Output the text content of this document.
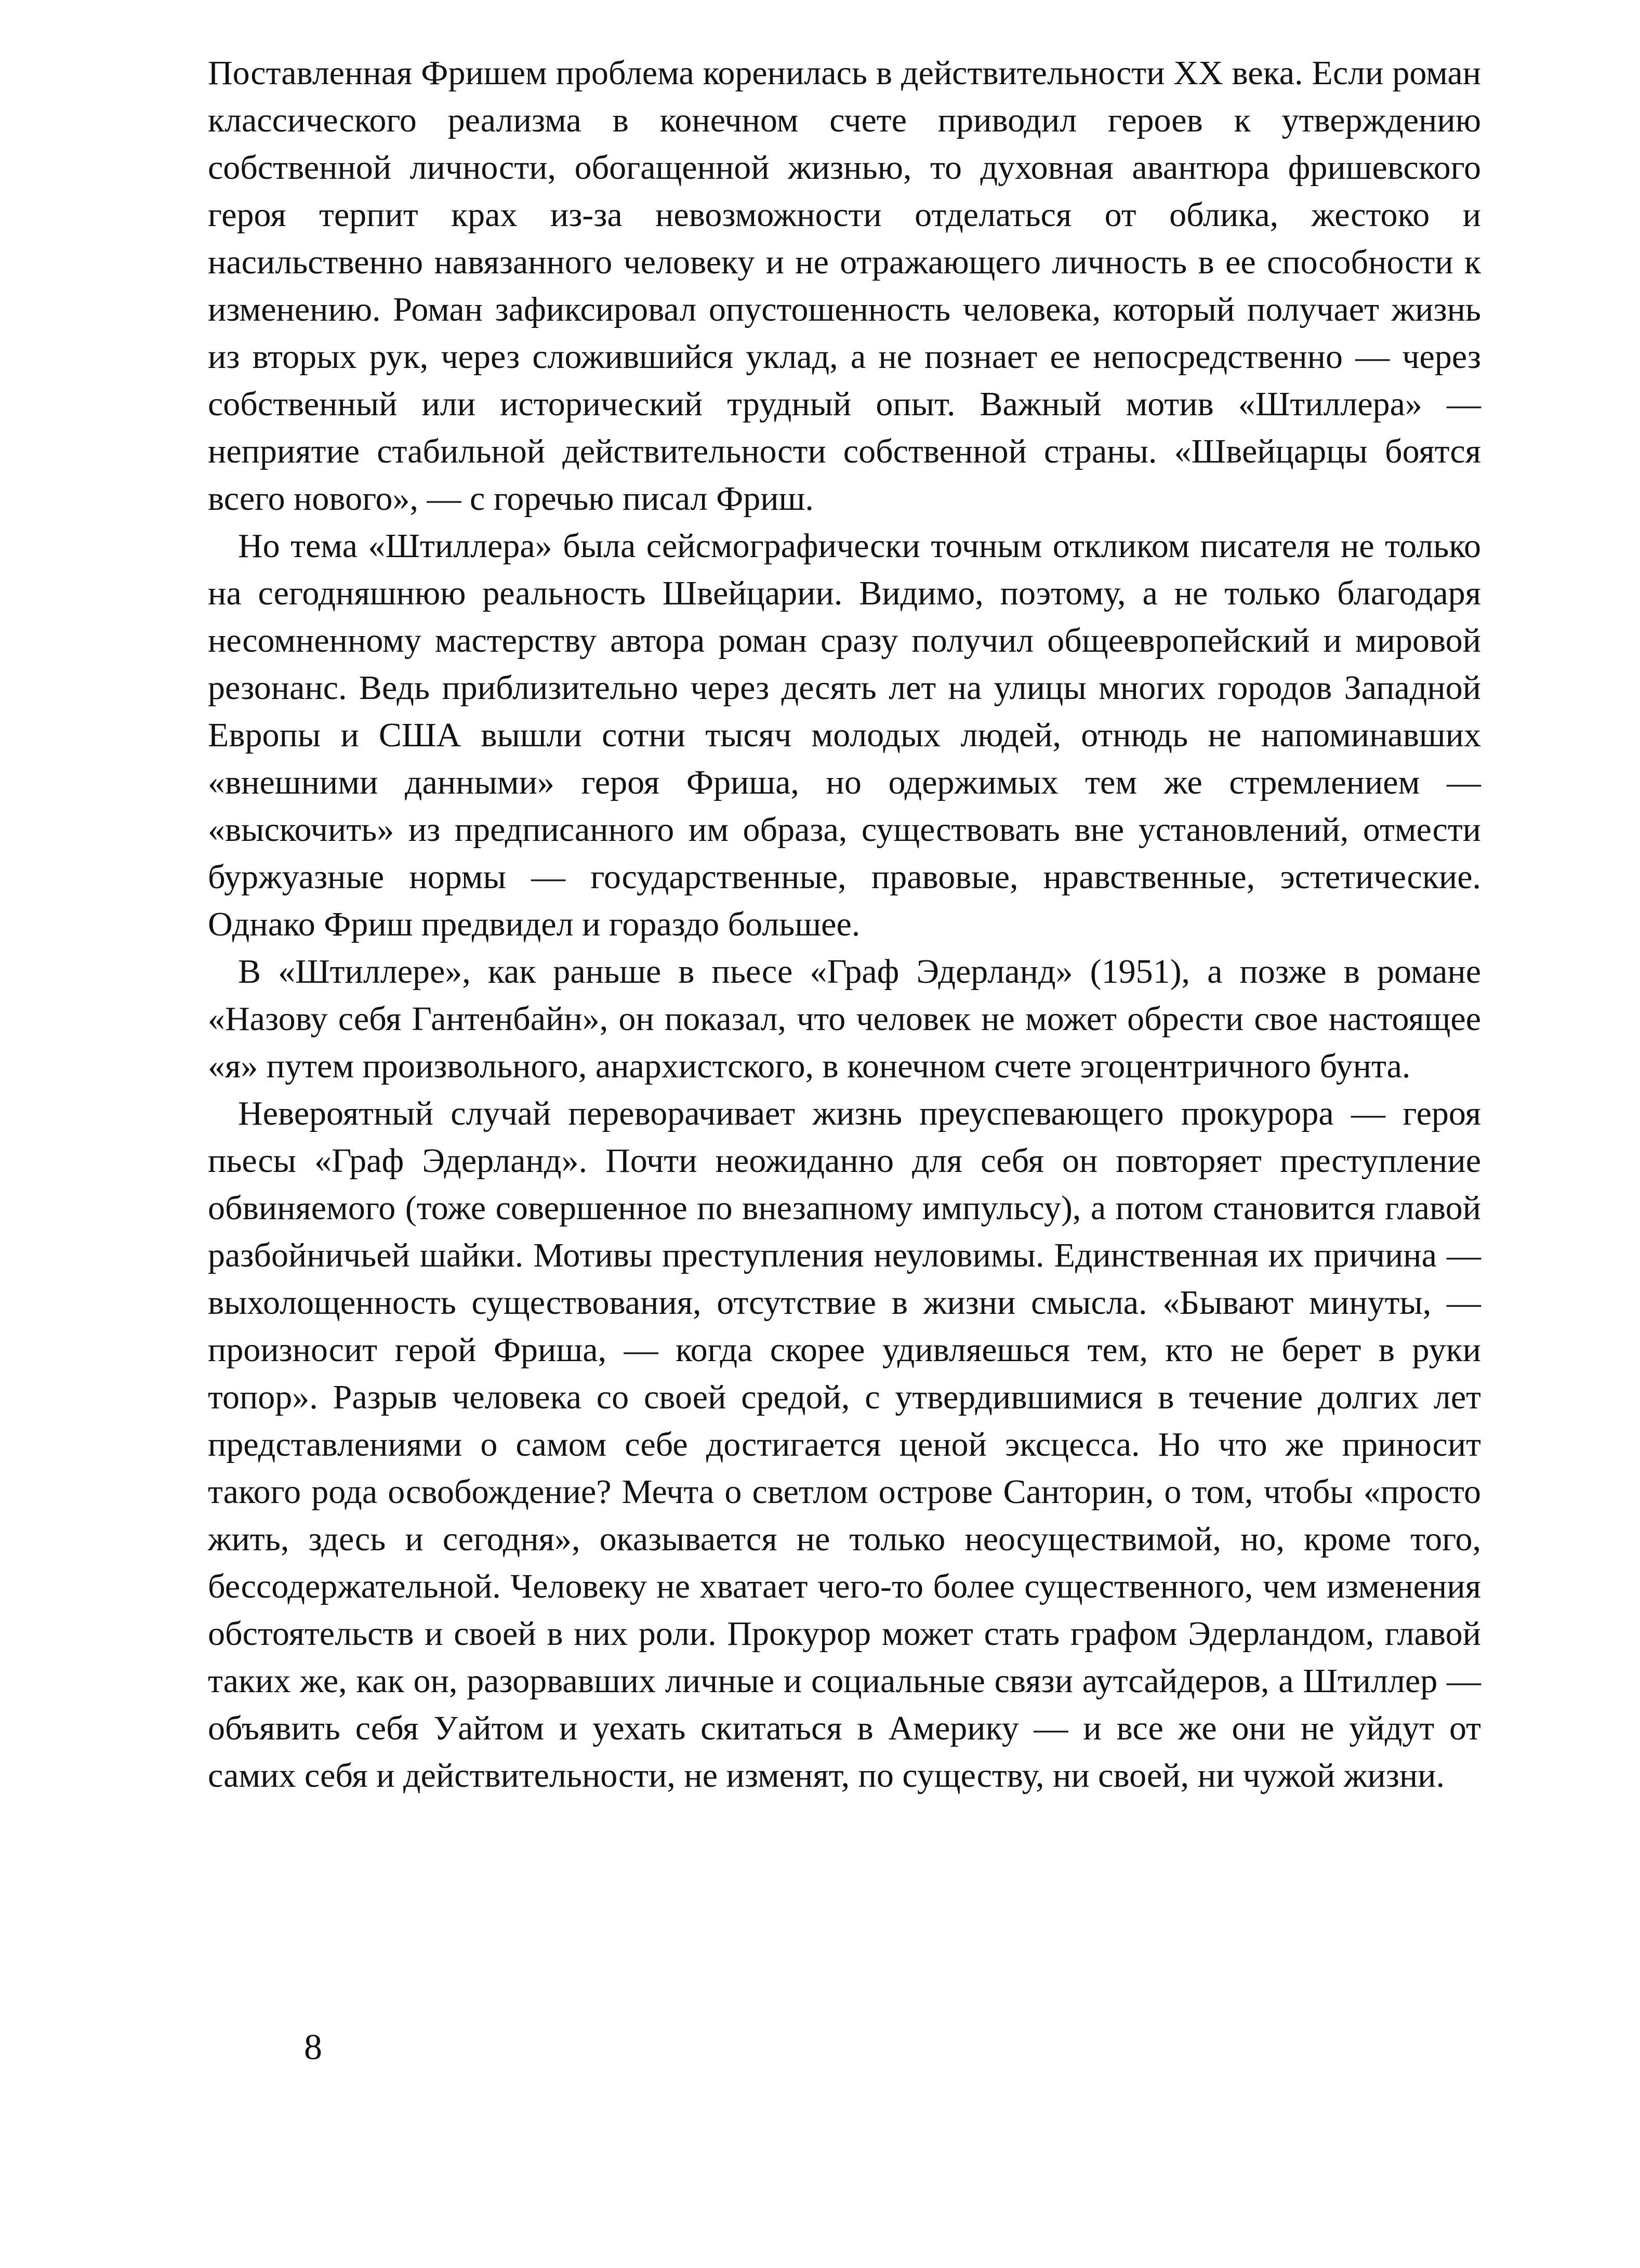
Поставленная Фришем проблема коренилась в действительности XX века. Если роман классического реализма в конечном счете приводил героев к утверждению собственной личности, обогащенной жизнью, то духовная авантюра фришевского героя терпит крах из-за невозможности отделаться от облика, жестоко и насильственно навязанного человеку и не отражающего личность в ее способности к изменению. Роман зафиксировал опустошенность человека, который получает жизнь из вторых рук, через сложившийся уклад, а не познает ее непосредственно — через собственный или исторический трудный опыт. Важный мотив «Штиллера» — неприятие стабильной действительности собственной страны. «Швейцарцы боятся всего нового», — с горечью писал Фриш.

Но тема «Штиллера» была сейсмографически точным откликом писателя не только на сегодняшнюю реальность Швейцарии. Видимо, поэтому, а не только благодаря несомненному мастерству автора роман сразу получил общеевропейский и мировой резонанс. Ведь приблизительно через десять лет на улицы многих городов Западной Европы и США вышли сотни тысяч молодых людей, отнюдь не напоминавших «внешними данными» героя Фриша, но одержимых тем же стремлением — «выскочить» из предписанного им образа, существовать вне установлений, отмести буржуазные нормы — государственные, правовые, нравственные, эстетические. Однако Фриш предвидел и гораздо большее.

В «Штиллере», как раньше в пьесе «Граф Эдерланд» (1951), а позже в романе «Назову себя Гантенбайн», он показал, что человек не может обрести свое настоящее «я» путем произвольного, анархистского, в конечном счете эгоцентричного бунта.

Невероятный случай переворачивает жизнь преуспевающего прокурора — героя пьесы «Граф Эдерланд». Почти неожиданно для себя он повторяет преступление обвиняемого (тоже совершенное по внезапному импульсу), а потом становится главой разбойничьей шайки. Мотивы преступления неуловимы. Единственная их причина — выхолощенность существования, отсутствие в жизни смысла. «Бывают минуты, — произносит герой Фриша, — когда скорее удивляешься тем, кто не берет в руки топор». Разрыв человека со своей средой, с утвердившимися в течение долгих лет представлениями о самом себе достигается ценой эксцесса. Но что же приносит такого рода освобождение? Мечта о светлом острове Санторин, о том, чтобы «просто жить, здесь и сегодня», оказывается не только неосуществимой, но, кроме того, бессодержательной. Человеку не хватает чего-то более существенного, чем изменения обстоятельств и своей в них роли. Прокурор может стать графом Эдерландом, главой таких же, как он, разорвавших личные и социальные связи аутсайдеров, а Штиллер — объявить себя Уайтом и уехать скитаться в Америку — и все же они не уйдут от самих себя и действительности, не изменят, по существу, ни своей, ни чужой жизни.

8
